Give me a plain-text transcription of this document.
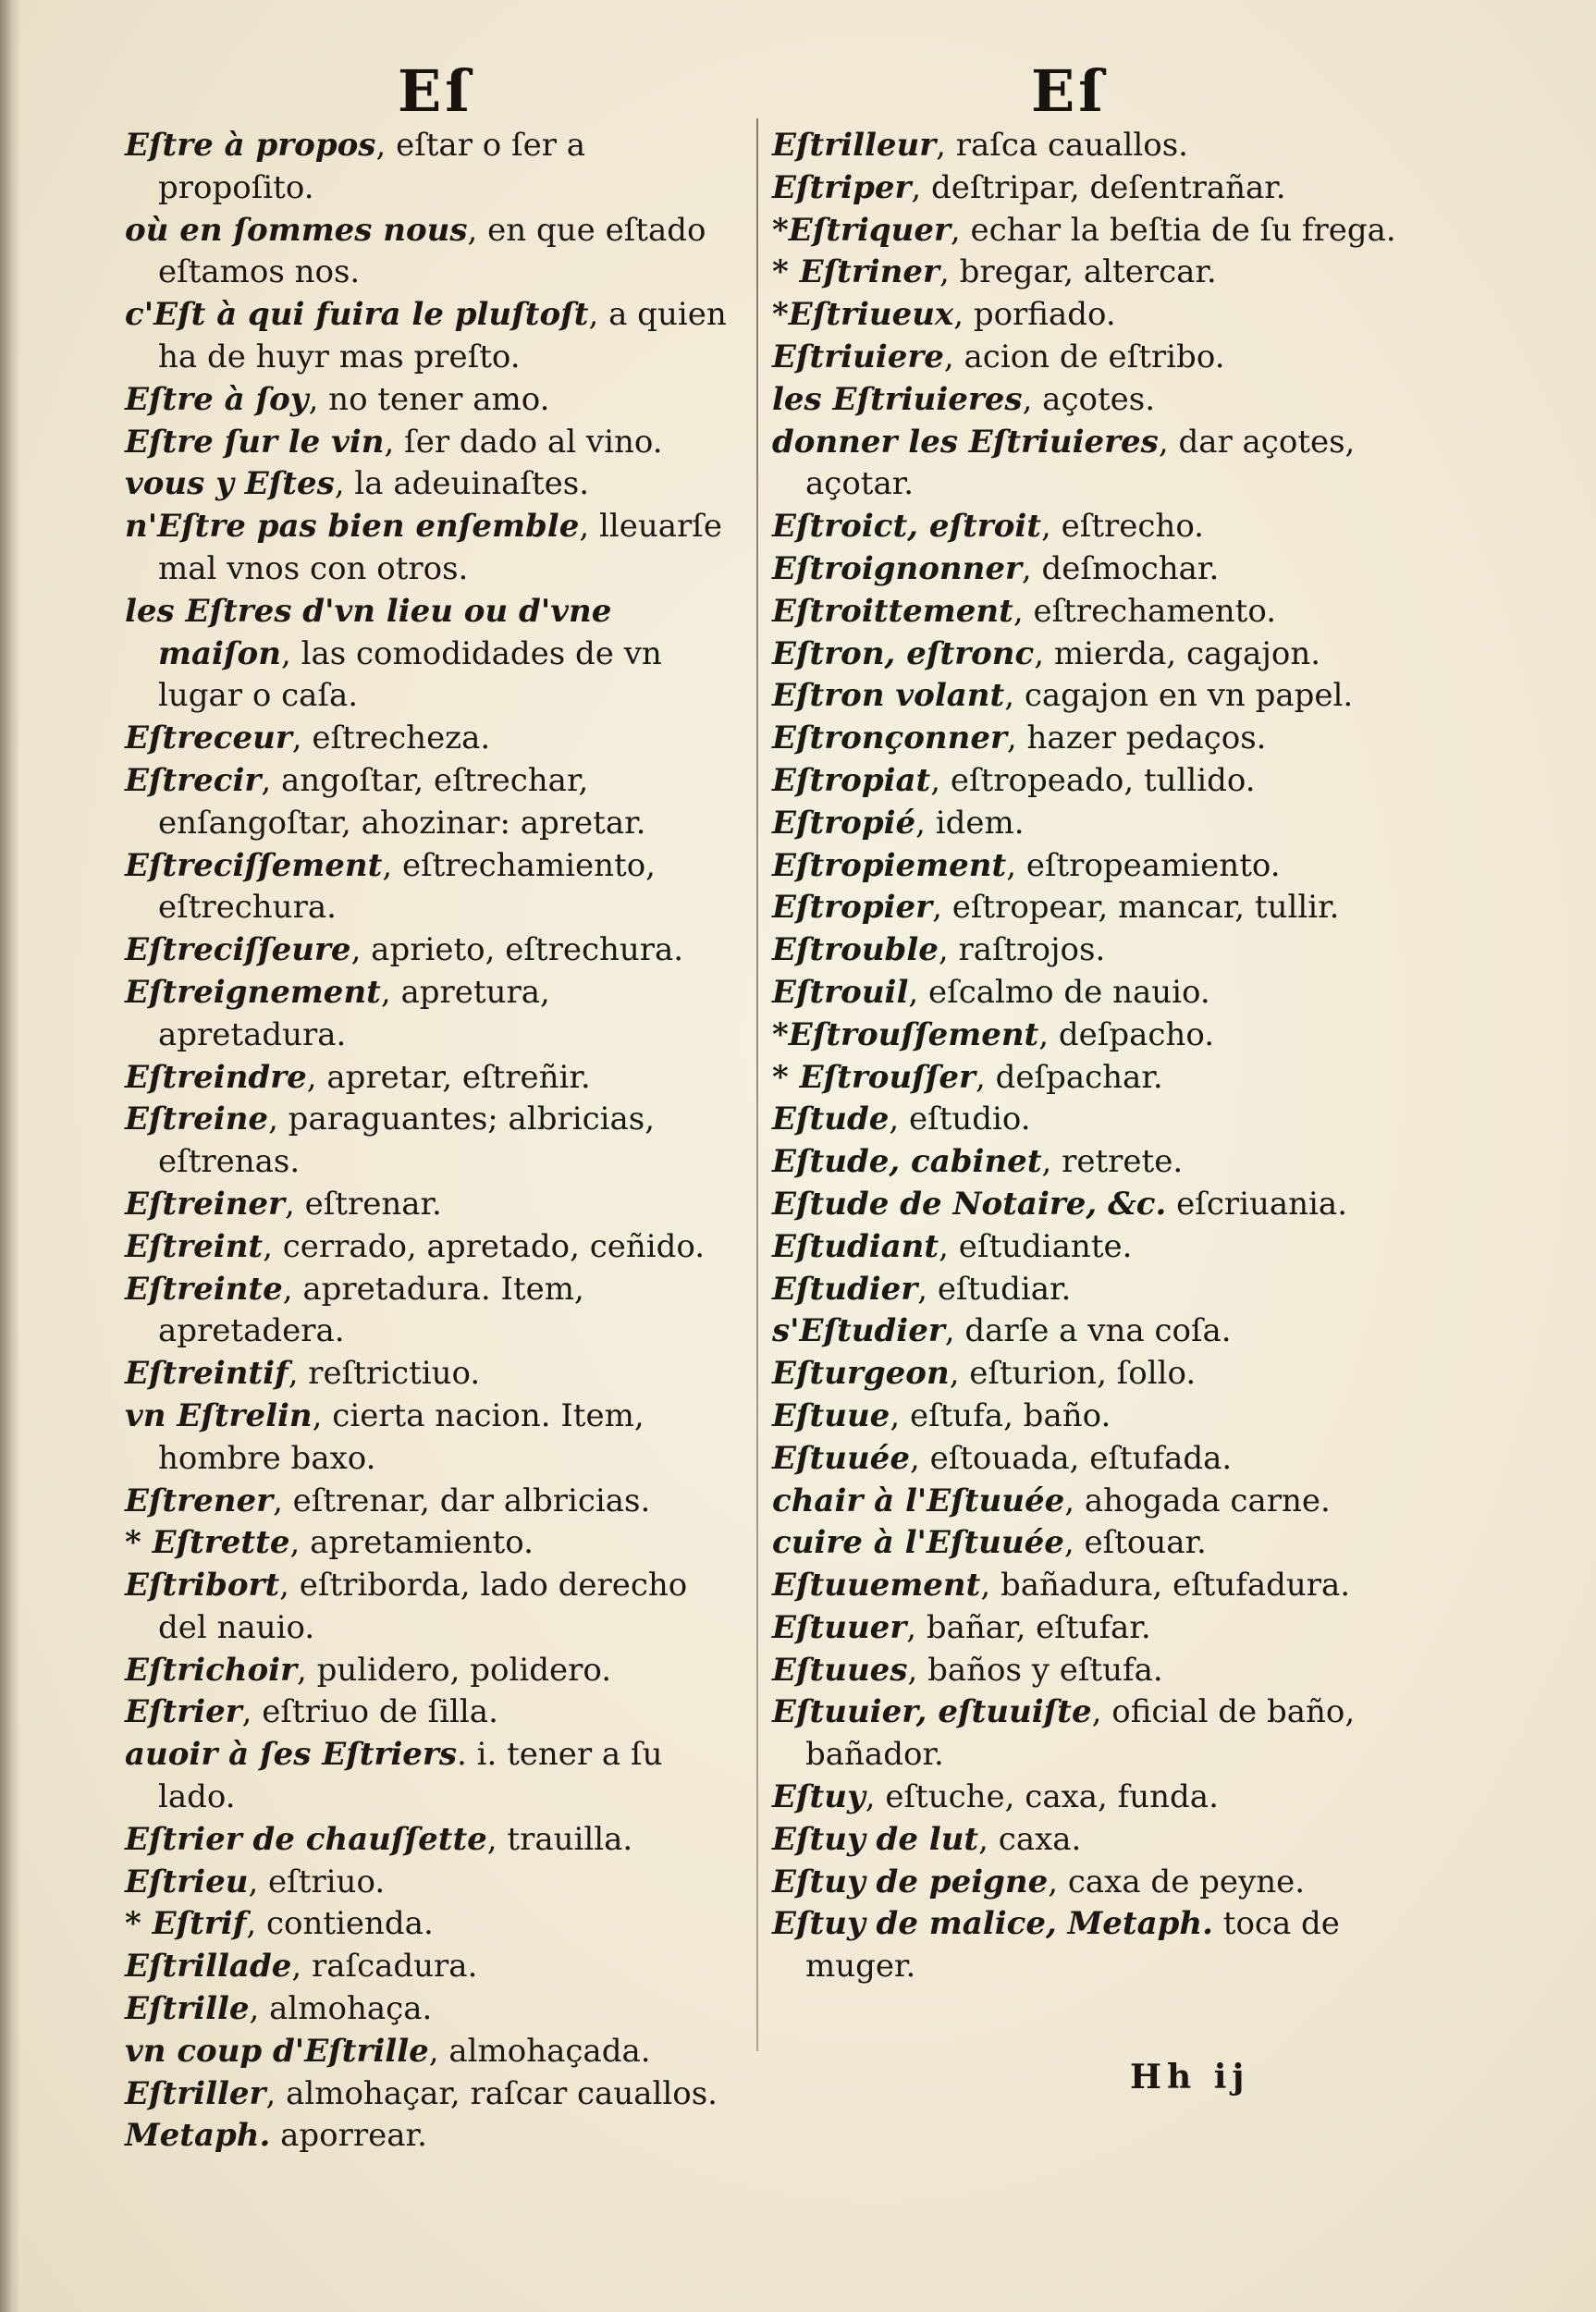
Eſ	Eſ

Eſtre à propos, eſtar o ſer a propoſito.

où en ſommes nous, en que eſtado eſtamos nos.

c'Eſt à qui fuira le pluſtoſt, a quien ha de huyr mas preſto.

Eſtre à ſoy, no tener amo.

Eſtre ſur le vin, ſer dado al vino.

vous y Eſtes, la adeuinaſtes.

n'Eſtre pas bien enſemble, lleuarſe mal vnos con otros.

les Eſtres d'vn lieu ou d'vne maiſon, las comodidades de vn lugar o caſa.

Eſtreceur, eſtrecheza.

Eſtrecir, angoſtar, eſtrechar, enſangoſtar, ahozinar: apretar.

Eſtreciſſement, eſtrechamiento, eſtrechura.

Eſtreciſſeure, aprieto, eſtrechura.

Eſtreignement, apretura, apretadura.

Eſtreindre, apretar, eſtreñir.

Eſtreine, paraguantes; albricias, eſtrenas.

Eſtreiner, eſtrenar.

Eſtreint, cerrado, apretado, ceñido.

Eſtreinte, apretadura. Item, apretadera.

Eſtreintif, reſtrictiuo.

vn Eſtrelin, cierta nacion. Item, hombre baxo.

Eſtrener, eſtrenar, dar albricias.

* Eſtrette, apretamiento.

Eſtribort, eſtriborda, lado derecho del nauio.

Eſtrichoir, pulidero, polidero.

Eſtrier, eſtriuo de ſilla.

auoir à ſes Eſtriers. i. tener a ſu lado.

Eſtrier de chauſſette, trauilla.

Eſtrieu, eſtriuo.

* Eſtrif, contienda.

Eſtrillade, raſcadura.

Eſtrille, almohaça.

vn coup d'Eſtrille, almohaçada.

Eſtriller, almohaçar, raſcar cauallos.

Metaph. aporrear.

Eſtrilleur, raſca cauallos.

Eſtriper, deſtripar, deſentrañar.

*Eſtriquer, echar la beſtia de ſu frega.

* Eſtriner, bregar, altercar.

*Eſtriueux, porfiado.

Eſtriuiere, acion de eſtribo.

les Eſtriuieres, açotes.

donner les Eſtriuieres, dar açotes, açotar.

Eſtroict, eſtroit, eſtrecho.

Eſtroignonner, deſmochar.

Eſtroittement, eſtrechamento.

Eſtron, eſtronc, mierda, cagajon.

Eſtron volant, cagajon en vn papel.

Eſtronçonner, hazer pedaços.

Eſtropiat, eſtropeado, tullido.

Eſtropié, idem.

Eſtropiement, eſtropeamiento.

Eſtropier, eſtropear, mancar, tullir.

Eſtrouble, raſtrojos.

Eſtrouil, eſcalmo de nauio.

*Eſtrouſſement, deſpacho.

* Eſtrouſſer, deſpachar.

Eſtude, eſtudio.

Eſtude, cabinet, retrete.

Eſtude de Notaire, &c. eſcriuania.

Eſtudiant, eſtudiante.

Eſtudier, eſtudiar.

s'Eſtudier, darſe a vna coſa.

Eſturgeon, eſturion, ſollo.

Eſtuue, eſtufa, baño.

Eſtuuée, eſtouada, eſtufada.

chair à l'Eſtuuée, ahogada carne.

cuire à l'Eſtuuée, eſtouar.

Eſtuuement, bañadura, eſtufadura.

Eſtuuer, bañar, eſtufar.

Eſtuues, baños y eſtufa.

Eſtuuier, eſtuuiſte, oficial de baño, bañador.

Eſtuy, eſtuche, caxa, funda.

Eſtuy de lut, caxa.

Eſtuy de peigne, caxa de peyne.

Eſtuy de malice, Metaph. toca de muger.

Hh ij
